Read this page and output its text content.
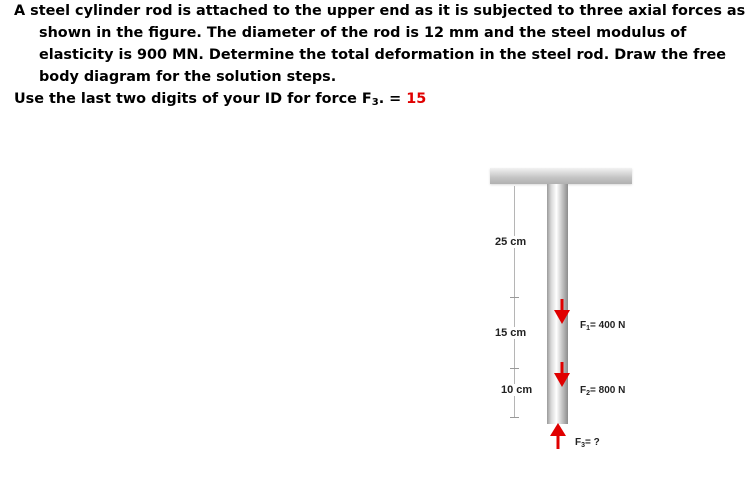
A steel cylinder rod is attached to the upper end as it is subjected to three axial forces as
shown in the figure. The diameter of the rod is 12 mm and the steel modulus of
elasticity is 900 MN. Determine the total deformation in the steel rod. Draw the free
body diagram for the solution steps.
Use the last two digits of your ID for force F3. = 15
25 cm
15 cm
10 cm
$F_1= 400$ N
$F_2= 800$ N
$F_3=$ ?
